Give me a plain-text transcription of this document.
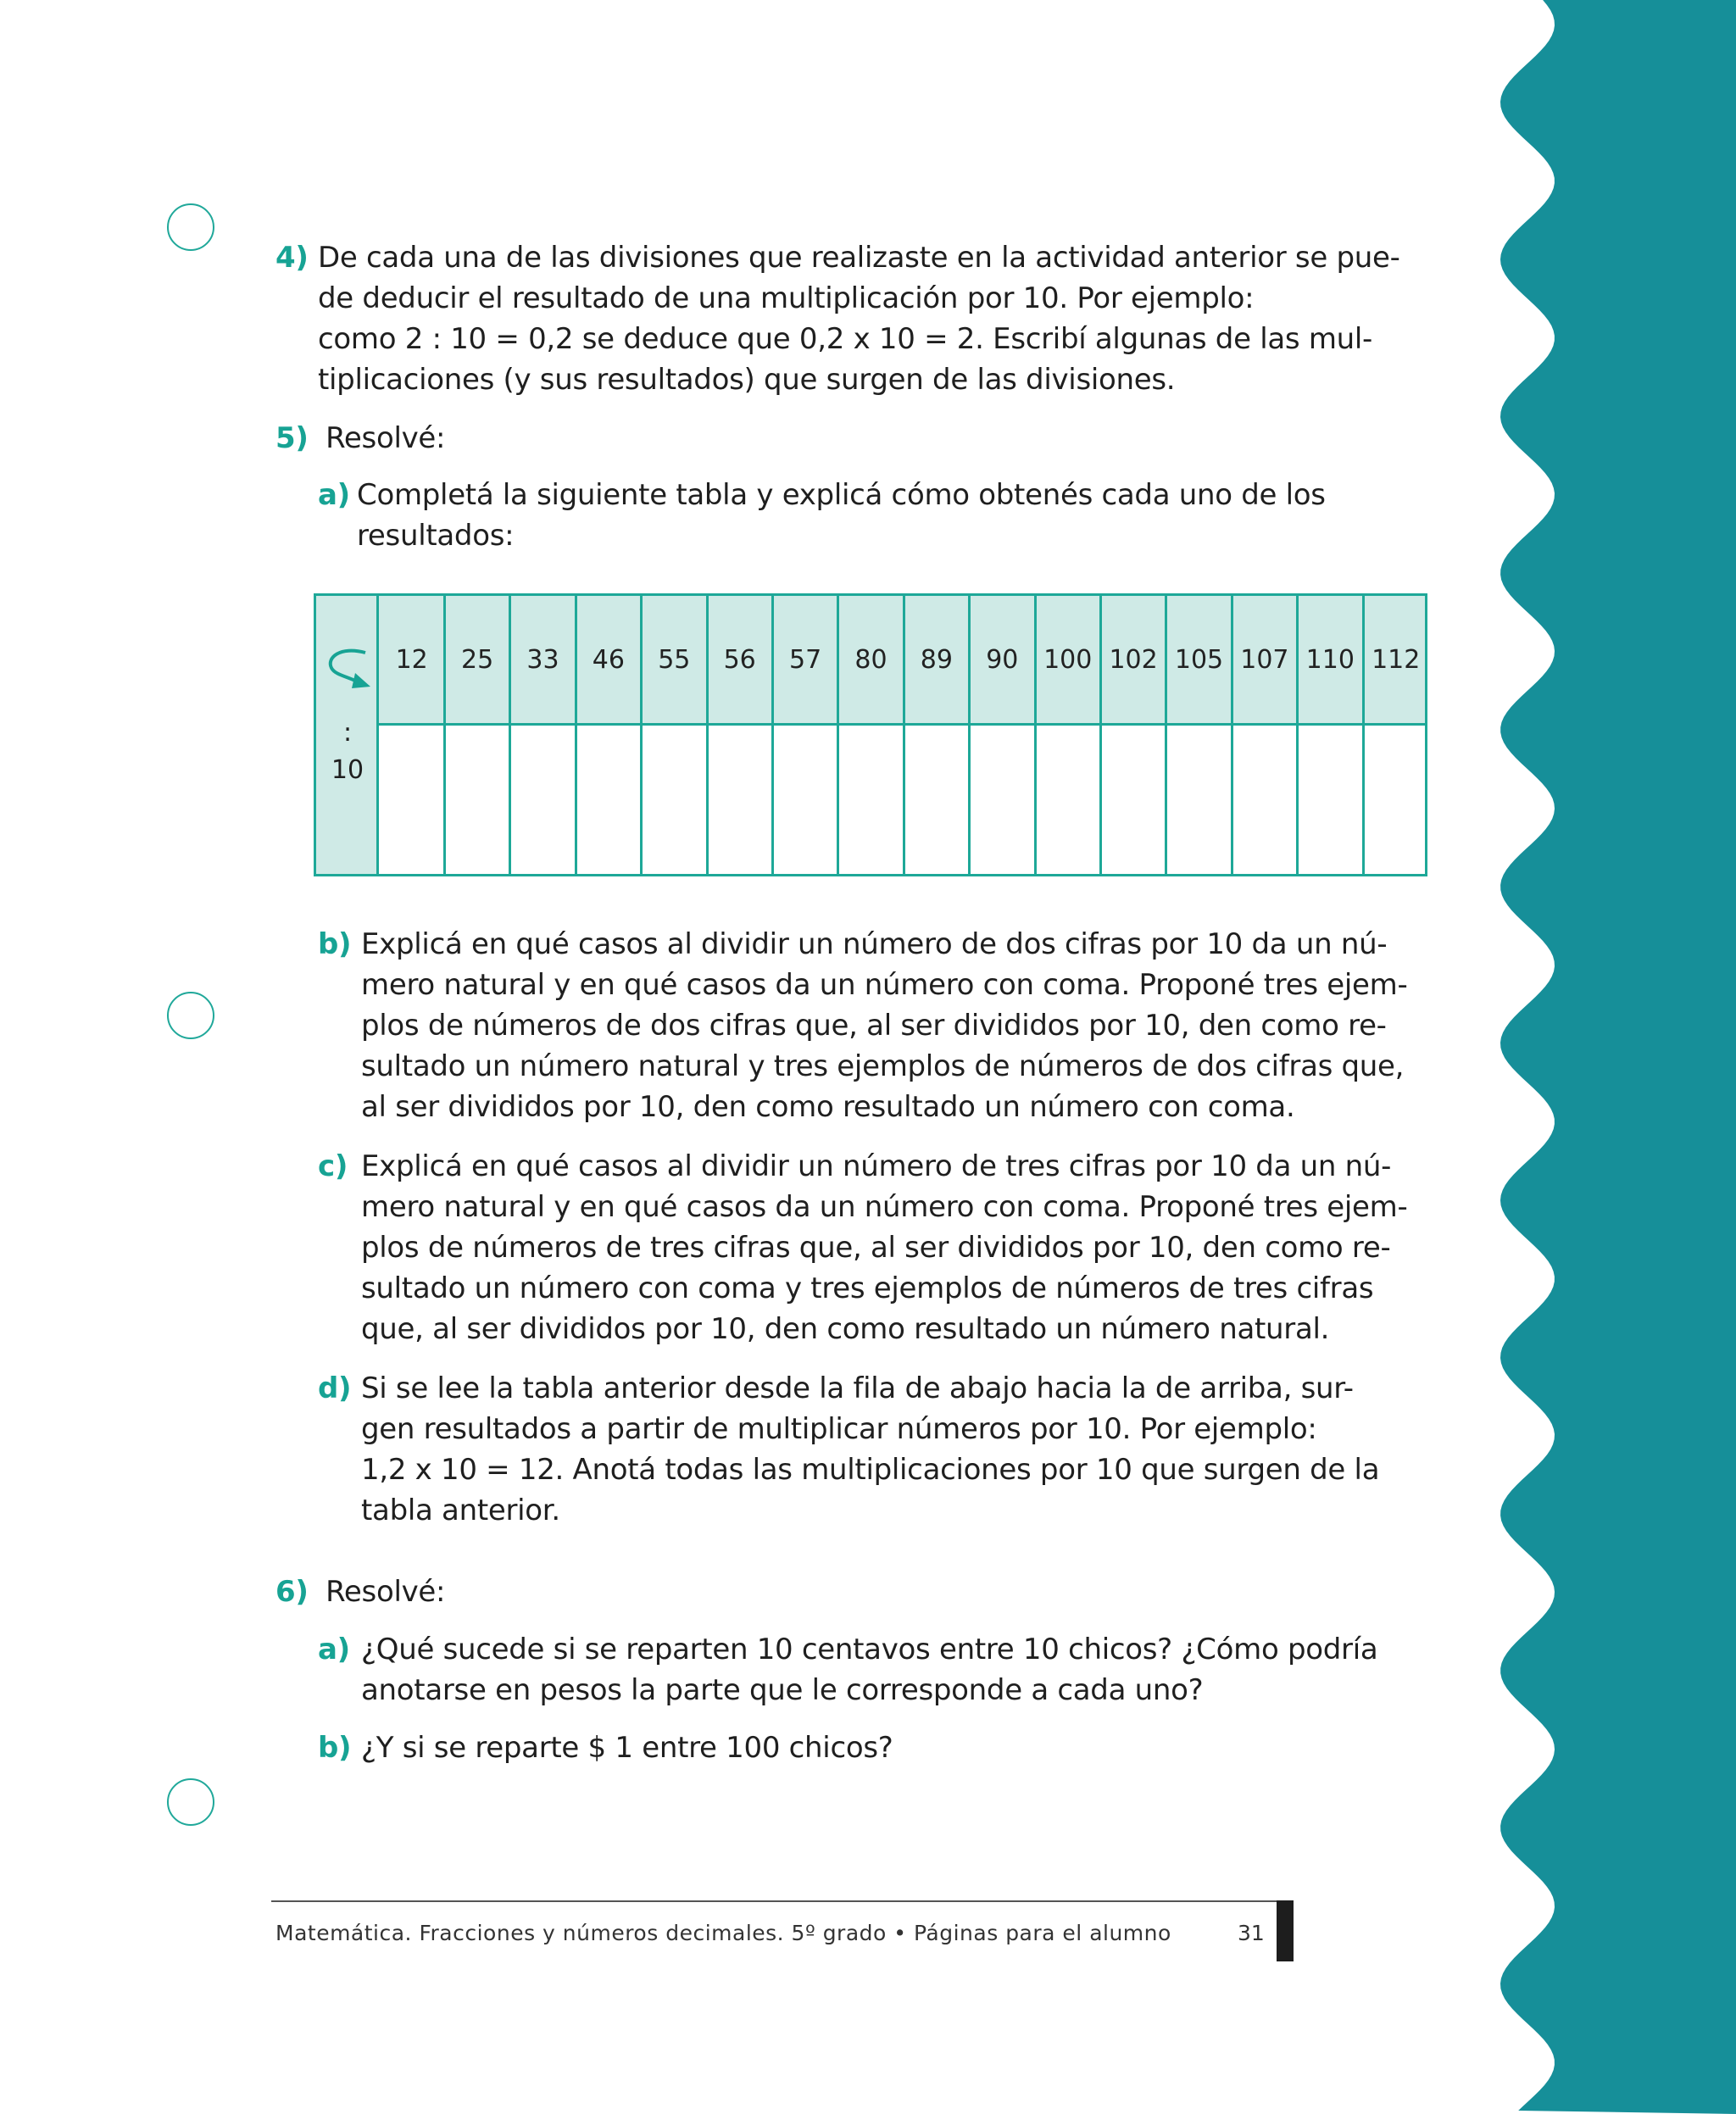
4) De cada una de las divisiones que realizaste en la actividad anterior se pue-
de deducir el resultado de una multiplicación por 10. Por ejemplo:
como 2 : 10 = 0,2 se deduce que 0,2 x 10 = 2. Escribí algunas de las mul-
tiplicaciones (y sus resultados) que surgen de las divisiones.
5) Resolvé:
a) Completá la siguiente tabla y explicá cómo obtenés cada uno de los
resultados:
:
10
12	25	33	46	55	56	57	80	89	90 100 102 105 107 110 112
b) Explicá en qué casos al dividir un número de dos cifras por 10 da un nú-
mero natural y en qué casos da un número con coma. Proponé tres ejem-
plos de números de dos cifras que, al ser divididos por 10, den como re-
sultado un número natural y tres ejemplos de números de dos cifras que,
al ser divididos por 10, den como resultado un número con coma.
c) Explicá en qué casos al dividir un número de tres cifras por 10 da un nú-
mero natural y en qué casos da un número con coma. Proponé tres ejem-
plos de números de tres cifras que, al ser divididos por 10, den como re-
sultado un número con coma y tres ejemplos de números de tres cifras
que, al ser divididos por 10, den como resultado un número natural.
d) Si se lee la tabla anterior desde la fila de abajo hacia la de arriba, sur-
gen resultados a partir de multiplicar números por 10. Por ejemplo:
1,2 x 10 = 12. Anotá todas las multiplicaciones por 10 que surgen de la
tabla anterior.
6) Resolvé:
a) ¿Qué sucede si se reparten 10 centavos entre 10 chicos? ¿Cómo podría
anotarse en pesos la parte que le corresponde a cada uno?
b) ¿Y si se reparte $ 1 entre 100 chicos?
Matemática. Fracciones y números decimales. 5º grado • Páginas para el alumno	31
